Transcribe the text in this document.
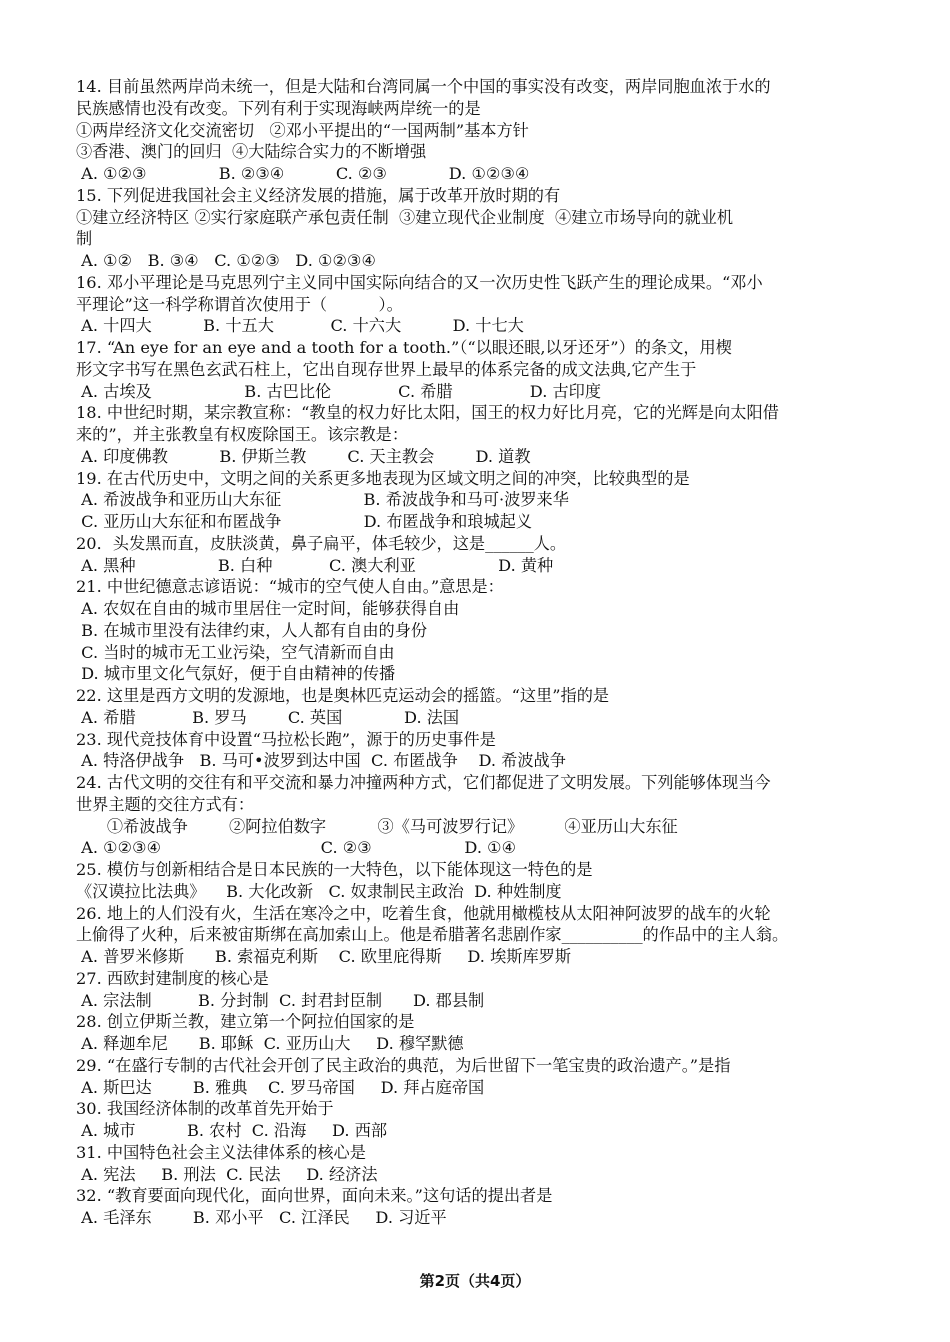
14. 目前虽然两岸尚未统一，但是大陆和台湾同属一个中国的事实没有改变，两岸同胞血浓于水的
民族感情也没有改变。下列有利于实现海峡两岸统一的是
①两岸经济文化交流密切   ②邓小平提出的“一国两制”基本方针
③香港、澳门的回归  ④大陆综合实力的不断增强
A. ①②③              B. ②③④          C. ②③            D. ①②③④
15. 下列促进我国社会主义经济发展的措施，属于改革开放时期的有
①建立经济特区 ②实行家庭联产承包责任制  ③建立现代企业制度  ④建立市场导向的就业机
制
A. ①②   B. ③④   C. ①②③   D. ①②③④
16. 邓小平理论是马克思列宁主义同中国实际向结合的又一次历史性飞跃产生的理论成果。“邓小
平理论”这一科学称谓首次使用于（          ）。
A. 十四大          B. 十五大           C. 十六大          D. 十七大
17. “An eye for an eye and a tooth for a tooth.”（“以眼还眼,以牙还牙”）的条文，用楔
形文字书写在黑色玄武石柱上，它出自现存世界上最早的体系完备的成文法典,它产生于
A. 古埃及                  B. 古巴比伦             C. 希腊               D. 古印度
18. 中世纪时期，某宗教宣称：“教皇的权力好比太阳，国王的权力好比月亮，它的光辉是向太阳借
来的”，并主张教皇有权废除国王。该宗教是：
A. 印度佛教          B. 伊斯兰教        C. 天主教会        D. 道教
19. 在古代历史中，文明之间的关系更多地表现为区域文明之间的冲突，比较典型的是
A. 希波战争和亚历山大东征                B. 希波战争和马可·波罗来华
C. 亚历山大东征和布匿战争                D. 布匿战争和琅城起义
20．头发黑而直，皮肤淡黄，鼻子扁平，体毛较少，这是______人。
A. 黑种                B. 白种           C. 澳大利亚                D. 黄种
21. 中世纪德意志谚语说：“城市的空气使人自由。”意思是：
A. 农奴在自由的城市里居住一定时间，能够获得自由
B. 在城市里没有法律约束，人人都有自由的身份
C. 当时的城市无工业污染，空气清新而自由
D. 城市里文化气氛好，便于自由精神的传播
22. 这里是西方文明的发源地，也是奥林匹克运动会的摇篮。“这里”指的是
A. 希腊           B. 罗马        C. 英国            D. 法国
23. 现代竞技体育中设置“马拉松长跑”，源于的历史事件是
A. 特洛伊战争   B. 马可•波罗到达中国  C. 布匿战争    D. 希波战争
24. 古代文明的交往有和平交流和暴力冲撞两种方式，它们都促进了文明发展。下列能够体现当今
世界主题的交往方式有：
①希波战争        ②阿拉伯数字          ③《马可波罗行记》        ④亚历山大东征
A. ①②③④                               C. ②③                  D. ①④
25. 模仿与创新相结合是日本民族的一大特色，以下能体现这一特色的是
《汉谟拉比法典》    B. 大化改新   C. 奴隶制民主政治  D. 种姓制度
26. 地上的人们没有火，生活在寒冷之中，吃着生食，他就用橄榄枝从太阳神阿波罗的战车的火轮
上偷得了火种，后来被宙斯绑在高加索山上。他是希腊著名悲剧作家__________的作品中的主人翁。
A. 普罗米修斯      B. 索福克利斯    C. 欧里庇得斯     D. 埃斯库罗斯
27. 西欧封建制度的核心是
A. 宗法制         B. 分封制  C. 封君封臣制      D. 郡县制
28. 创立伊斯兰教，建立第一个阿拉伯国家的是
A. 释迦牟尼      B. 耶稣  C. 亚历山大     D. 穆罕默德
29. “在盛行专制的古代社会开创了民主政治的典范，为后世留下一笔宝贵的政治遗产。”是指
A. 斯巴达        B. 雅典    C. 罗马帝国     D. 拜占庭帝国
30. 我国经济体制的改革首先开始于
A. 城市          B. 农村  C. 沿海     D. 西部
31. 中国特色社会主义法律体系的核心是
A. 宪法     B. 刑法  C. 民法     D. 经济法
32. “教育要面向现代化，面向世界，面向未来。”这句话的提出者是
A. 毛泽东        B. 邓小平   C. 江泽民     D. 习近平
第2页（共4页）
